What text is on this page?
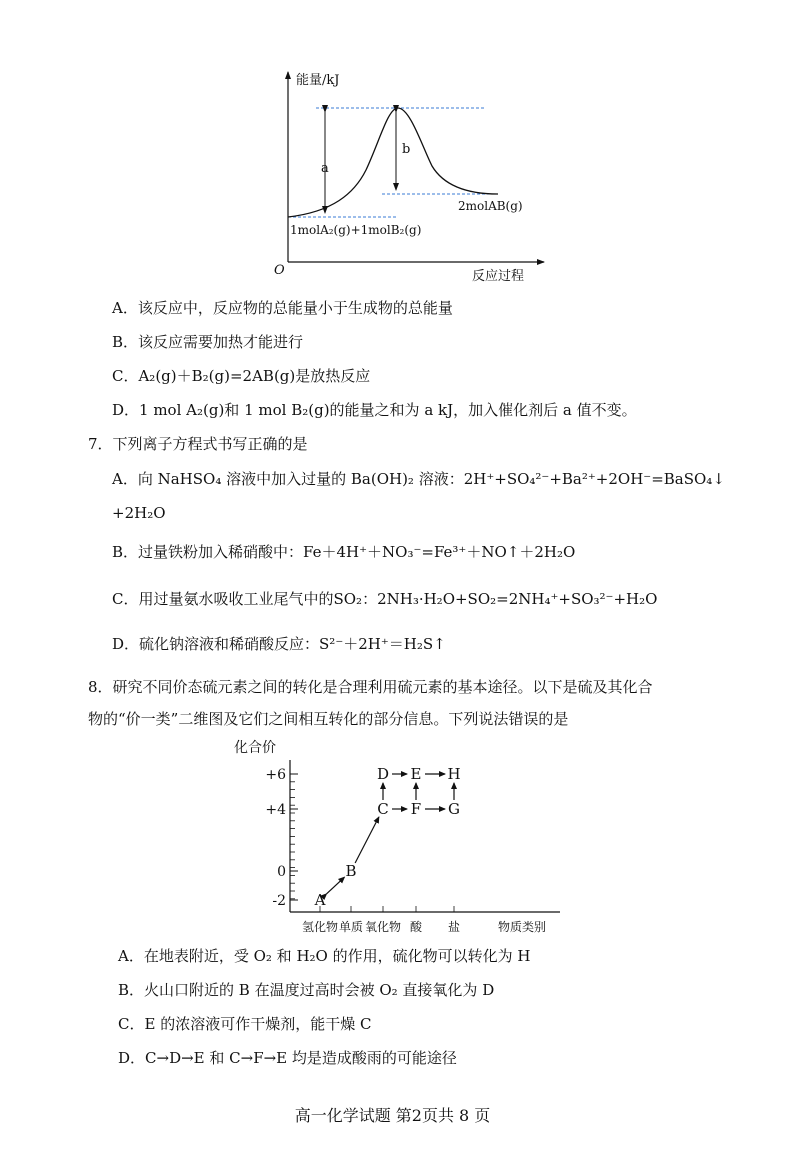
能量/kJ
反应过程
O
a
b
2molAB(g)
1molA₂(g)+1molB₂(g)
A．该反应中，反应物的总能量小于生成物的总能量
B．该反应需要加热才能进行
C．A₂(g)＋B₂(g)=2AB(g)是放热反应
D．1 mol A₂(g)和 1 mol B₂(g)的能量之和为 a kJ，加入催化剂后 a 值不变。
7．下列离子方程式书写正确的是
A．向 NaHSO₄ 溶液中加入过量的 Ba(OH)₂ 溶液：2H⁺+SO₄²⁻+Ba²⁺+2OH⁻=BaSO₄↓
+2H₂O
B．过量铁粉加入稀硝酸中：Fe＋4H⁺＋NO₃⁻=Fe³⁺＋NO↑＋2H₂O
C．用过量氨水吸收工业尾气中的SO₂：2NH₃·H₂O+SO₂=2NH₄⁺+SO₃²⁻+H₂O
D．硫化钠溶液和稀硝酸反应：S²⁻＋2H⁺＝H₂S↑
8．研究不同价态硫元素之间的转化是合理利用硫元素的基本途径。以下是硫及其化合
物的“价一类”二维图及它们之间相互转化的部分信息。下列说法错误的是
化合价
+6
+4
0
-2
氢化物 单质 氧化物 酸 盐	物质类别
A
B
C
D E
F G
H
A．在地表附近，受 O₂ 和 H₂O 的作用，硫化物可以转化为 H
B．火山口附近的 B 在温度过高时会被 O₂ 直接氧化为 D
C．E 的浓溶液可作干燥剂，能干燥 C
D．C→D→E 和 C→F→E 均是造成酸雨的可能途径
高一化学试题 第2页共 8 页
